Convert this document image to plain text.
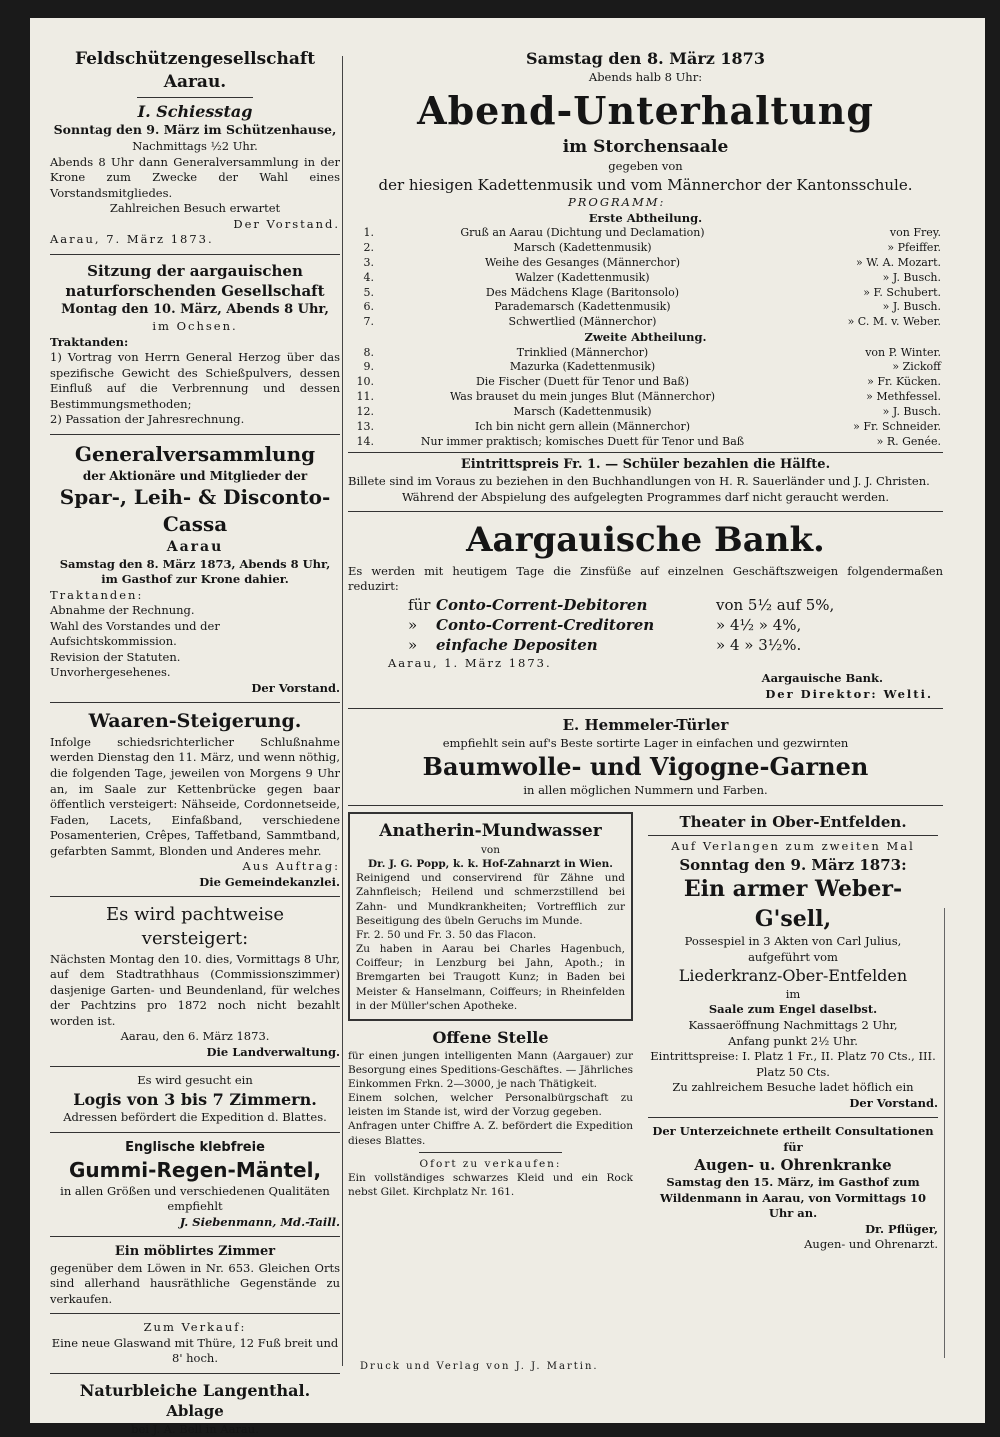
Feldschützengesellschaft Aarau.

I. Schiesstag

Sonntag den 9. März im Schützenhause,

Nachmittags ½2 Uhr.

Abends 8 Uhr dann Generalversammlung in der Krone zum Zwecke der Wahl eines Vorstandsmitgliedes.

Zahlreichen Besuch erwartet

Der Vorstand.

Aarau, 7. März 1873.

Sitzung der aargauischen naturforschenden Gesellschaft

Montag den 10. März, Abends 8 Uhr,

im Ochsen.

Traktanden:

1) Vortrag von Herrn General Herzog über das spezifische Gewicht des Schießpulvers, dessen Einfluß auf die Verbrennung und dessen Bestimmungsmethoden;

2) Passation der Jahresrechnung.

Generalversammlung

der Aktionäre und Mitglieder der

Spar-, Leih- & Disconto-Cassa

Aarau

Samstag den 8. März 1873, Abends 8 Uhr, im Gasthof zur Krone dahier.

Traktanden:

Abnahme der Rechnung.

Wahl des Vorstandes und der Aufsichtskommission.

Revision der Statuten.

Unvorhergesehenes.

Der Vorstand.

Waaren-Steigerung.

Infolge schiedsrichterlicher Schlußnahme werden Dienstag den 11. März, und wenn nöthig, die folgenden Tage, jeweilen von Morgens 9 Uhr an, im Saale zur Kettenbrücke gegen baar öffentlich versteigert: Nähseide, Cordonnetseide, Faden, Lacets, Einfaßband, verschiedene Posamenterien, Crêpes, Taffetband, Sammtband, gefarbten Sammt, Blonden und Anderes mehr.

Aus Auftrag:

Die Gemeindekanzlei.

Es wird pachtweise versteigert:

Nächsten Montag den 10. dies, Vormittags 8 Uhr, auf dem Stadtrathhaus (Commissionszimmer) dasjenige Garten- und Beundenland, für welches der Pachtzins pro 1872 noch nicht bezahlt worden ist.

Aarau, den 6. März 1873.

Die Landverwaltung.

Es wird gesucht ein

Logis von 3 bis 7 Zimmern.

Adressen befördert die Expedition d. Blattes.

Englische klebfreie

Gummi-Regen-Mäntel,

in allen Größen und verschiedenen Qualitäten empfiehlt

J. Siebenmann, Md.-Taill.

Ein möblirtes Zimmer

gegenüber dem Löwen in Nr. 653. Gleichen Orts sind allerhand hausräthliche Gegenstände zu verkaufen.

Zum Verkauf:

Eine neue Glaswand mit Thüre, 12 Fuß breit und 8' hoch.

Naturbleiche Langenthal.

Ablage

bei J. A. Bell in Aarau.

Samstag den 8. März 1873

Abends halb 8 Uhr:

Abend-Unterhaltung

im Storchensaale

gegeben von

der hiesigen Kadettenmusik und vom Männerchor der Kantonsschule.

PROGRAMM:

Erste Abtheilung.

1.	Gruß an Aarau (Dichtung und Declamation)	von Frey.
2.	Marsch (Kadettenmusik)	» Pfeiffer.
3.	Weihe des Gesanges (Männerchor)	» W. A. Mozart.
4.	Walzer (Kadettenmusik)	» J. Busch.
5.	Des Mädchens Klage (Baritonsolo)	» F. Schubert.
6.	Parademarsch (Kadettenmusik)	» J. Busch.
7.	Schwertlied (Männerchor)	» C. M. v. Weber.

Zweite Abtheilung.

8.	Trinklied (Männerchor)	von P. Winter.
9.	Mazurka (Kadettenmusik)	» Zickoff
10.	Die Fischer (Duett für Tenor und Baß)	» Fr. Kücken.
11.	Was brauset du mein junges Blut (Männerchor)	» Methfessel.
12.	Marsch (Kadettenmusik)	» J. Busch.
13.	Ich bin nicht gern allein (Männerchor)	» Fr. Schneider.
14.	Nur immer praktisch; komisches Duett für Tenor und Baß	» R. Genée.

Eintrittspreis Fr. 1. — Schüler bezahlen die Hälfte.

Billete sind im Voraus zu beziehen in den Buchhandlungen von H. R. Sauerländer und J. J. Christen.

Während der Abspielung des aufgelegten Programmes darf nicht geraucht werden.

Aargauische Bank.

Es werden mit heutigem Tage die Zinsfüße auf einzelnen Geschäftszweigen folgendermaßen reduzirt:

für Conto-Corrent-Debitoren	von 5½ auf 5%,
» Conto-Corrent-Creditoren	» 4½ » 4%,
» einfache Depositen	» 4 » 3½%.

Aarau, 1. März 1873.

Aargauische Bank.

Der Direktor: Welti.

E. Hemmeler-Türler

empfiehlt sein auf's Beste sortirte Lager in einfachen und gezwirnten

Baumwolle- und Vigogne-Garnen

in allen möglichen Nummern und Farben.

Anatherin-Mundwasser

von

Dr. J. G. Popp, k. k. Hof-Zahnarzt in Wien.

Reinigend und conservirend für Zähne und Zahnfleisch; Heilend und schmerzstillend bei Zahn- und Mundkrankheiten; Vortrefflich zur Beseitigung des übeln Geruchs im Munde.

Fr. 2. 50 und Fr. 3. 50 das Flacon.

Zu haben in Aarau bei Charles Hagenbuch, Coiffeur; in Lenzburg bei Jahn, Apoth.; in Bremgarten bei Traugott Kunz; in Baden bei Meister & Hanselmann, Coiffeurs; in Rheinfelden in der Müller'schen Apotheke.

Offene Stelle

für einen jungen intelligenten Mann (Aargauer) zur Besorgung eines Speditions-Geschäftes. — Jährliches Einkommen Frkn. 2—3000, je nach Thätigkeit.

Einem solchen, welcher Personalbürgschaft zu leisten im Stande ist, wird der Vorzug gegeben.

Anfragen unter Chiffre A. Z. befördert die Expedition dieses Blattes.

Ofort zu verkaufen:

Ein vollständiges schwarzes Kleid und ein Rock nebst Gilet. Kirchplatz Nr. 161.

Theater in Ober-Entfelden.

Auf Verlangen zum zweiten Mal

Sonntag den 9. März 1873:

Ein armer Weber-G'sell,

Possespiel in 3 Akten von Carl Julius,

aufgeführt vom

Liederkranz-Ober-Entfelden

im

Saale zum Engel daselbst.

Kassaeröffnung Nachmittags 2 Uhr,

Anfang punkt 2½ Uhr.

Eintrittspreise: I. Platz 1 Fr., II. Platz 70 Cts., III. Platz 50 Cts.

Zu zahlreichem Besuche ladet höflich ein

Der Vorstand.

Der Unterzeichnete ertheilt Consultationen für

Augen- u. Ohrenkranke

Samstag den 15. März, im Gasthof zum Wildenmann in Aarau, von Vormittags 10 Uhr an.

Dr. Pflüger,

Augen- und Ohrenarzt.

Druck und Verlag von J. J. Martin.
